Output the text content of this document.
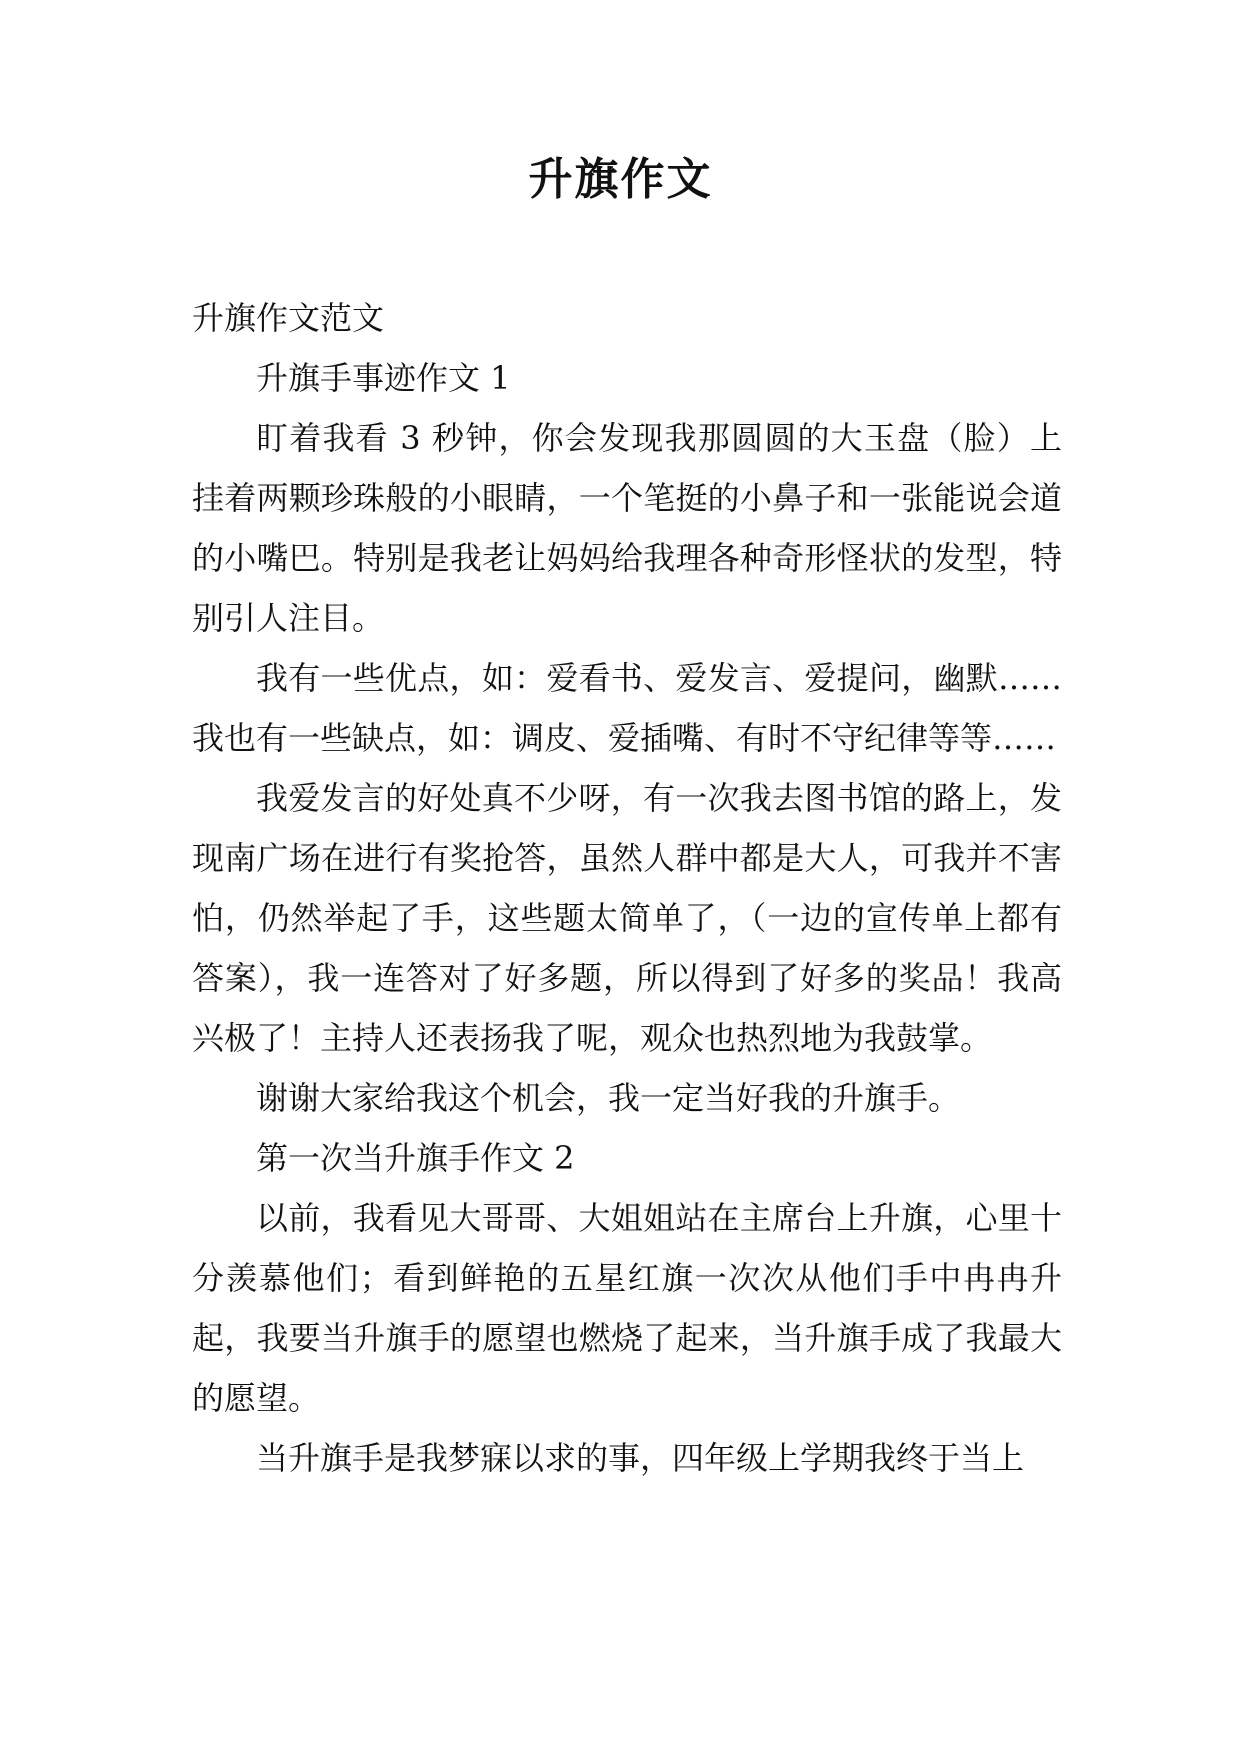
升旗作文

升旗作文范文

升旗手事迹作文 1

盯着我看 3 秒钟，你会发现我那圆圆的大玉盘（脸）上挂着两颗珍珠般的小眼睛，一个笔挺的小鼻子和一张能说会道的小嘴巴。特别是我老让妈妈给我理各种奇形怪状的发型，特别引人注目。

我有一些优点，如：爱看书、爱发言、爱提问，幽默……我也有一些缺点，如：调皮、爱插嘴、有时不守纪律等等……

我爱发言的好处真不少呀，有一次我去图书馆的路上，发现南广场在进行有奖抢答，虽然人群中都是大人，可我并不害怕，仍然举起了手，这些题太简单了，（一边的宣传单上都有答案），我一连答对了好多题，所以得到了好多的奖品！我高兴极了！主持人还表扬我了呢，观众也热烈地为我鼓掌。

谢谢大家给我这个机会，我一定当好我的升旗手。

第一次当升旗手作文 2

以前，我看见大哥哥、大姐姐站在主席台上升旗，心里十分羡慕他们；看到鲜艳的五星红旗一次次从他们手中冉冉升起，我要当升旗手的愿望也燃烧了起来，当升旗手成了我最大的愿望。

当升旗手是我梦寐以求的事，四年级上学期我终于当上
